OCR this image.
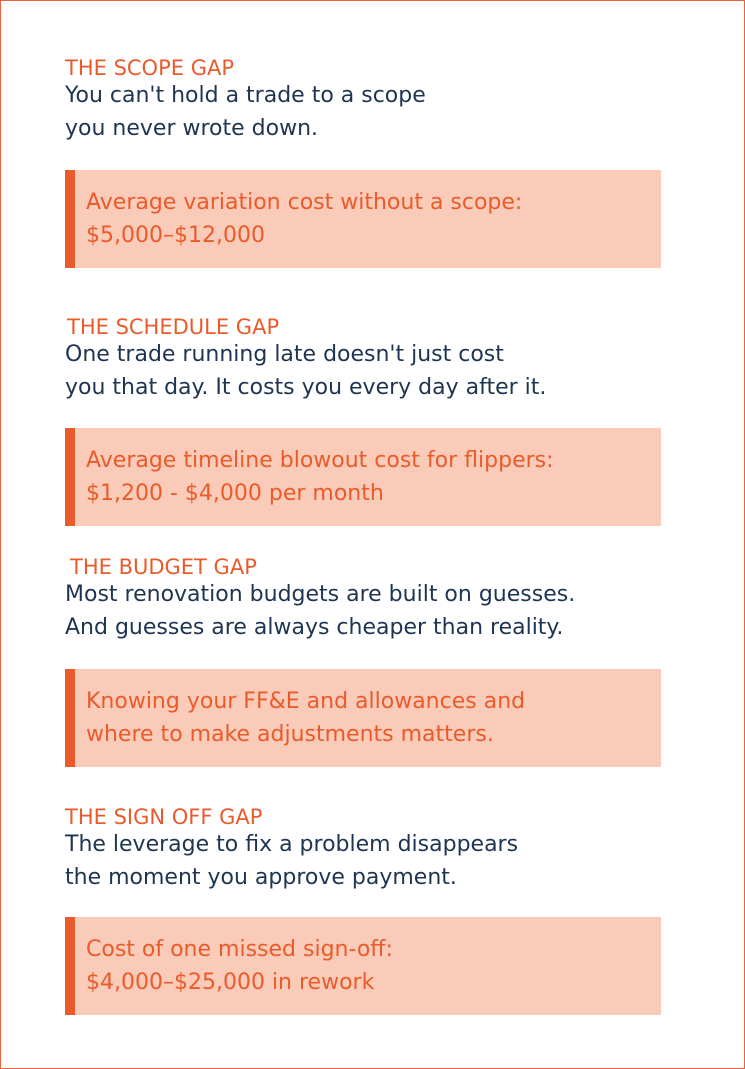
THE SCOPE GAP
You can't hold a trade to a scope
you never wrote down.
Average variation cost without a scope:
$5,000–$12,000
THE SCHEDULE GAP
One trade running late doesn't just cost
you that day. It costs you every day after it.
Average timeline blowout cost for flippers:
$1,200 - $4,000 per month
THE BUDGET GAP
Most renovation budgets are built on guesses.
And guesses are always cheaper than reality.
Knowing your FF&E and allowances and
where to make adjustments matters.
THE SIGN OFF GAP
The leverage to fix a problem disappears
the moment you approve payment.
Cost of one missed sign-off:
$4,000–$25,000 in rework
